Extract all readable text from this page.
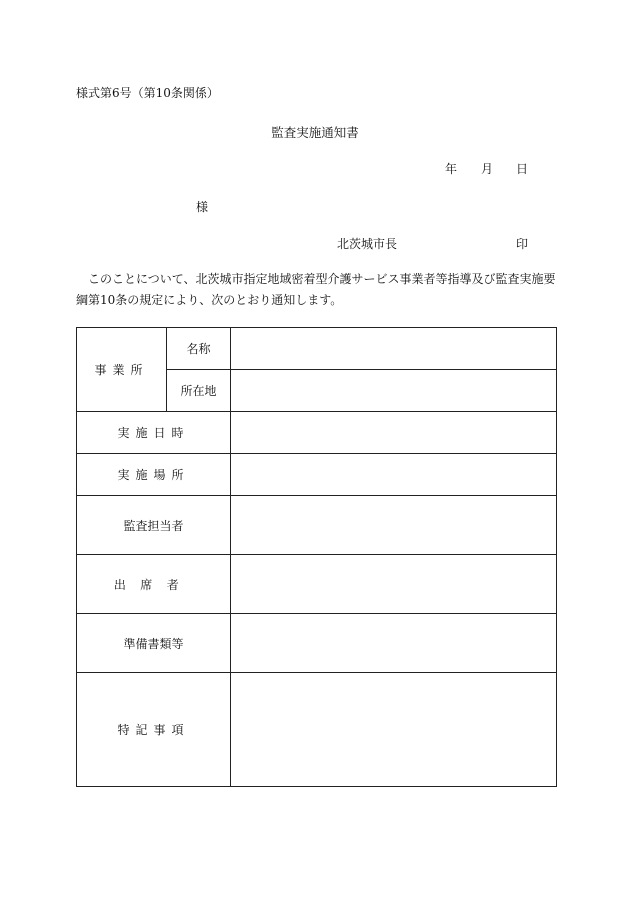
様式第6号（第10条関係）
監査実施通知書
年 月 日
様
北茨城市長	印

このことについて、北茨城市指定地域密着型介護サービス事業者等指導及び監査実施要綱第10条の規定により、次のとおり通知します。

事業所	名称	
	所在地	
実施日時		
実施場所		
監査担当者		
出席者		
準備書類等		
特記事項		
